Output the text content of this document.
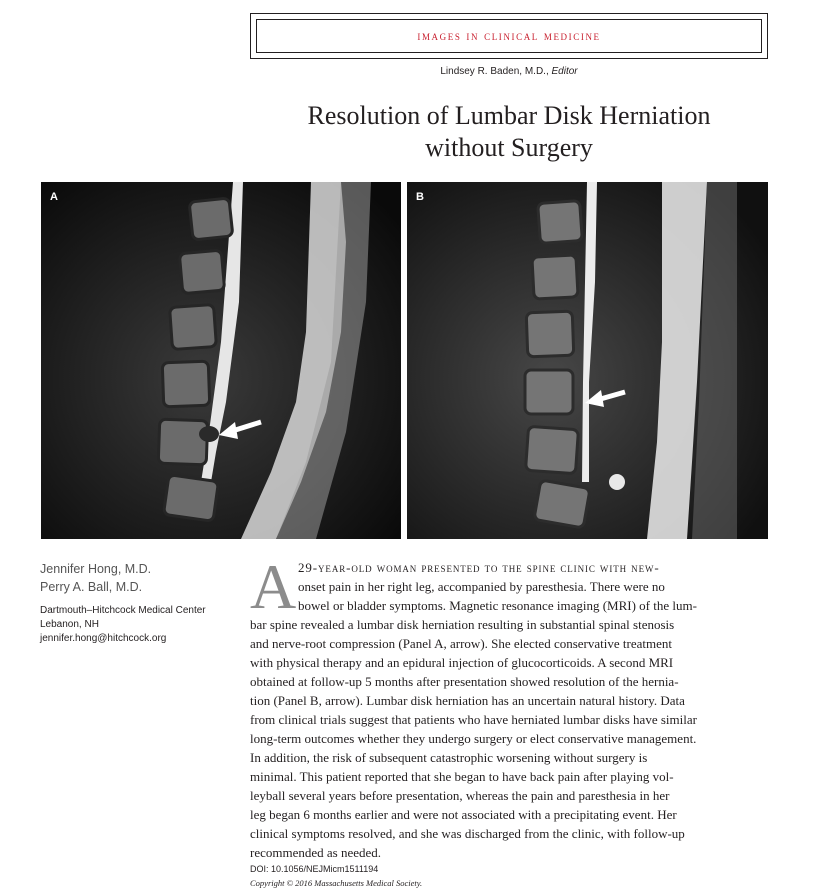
images in clinical medicine
Lindsey R. Baden, M.D., Editor
Resolution of Lumbar Disk Herniation
without Surgery
A	B
Jennifer Hong, M.D.
Perry A. Ball, M.D.
Dartmouth–Hitchcock Medical Center
Lebanon, NH
jennifer.hong@hitchcock.org
A 29-year-old woman presented to the spine clinic with new-
onset pain in her right leg, accompanied by paresthesia. There were no
bowel or bladder symptoms. Magnetic resonance imaging (MRI) of the lum-
bar spine revealed a lumbar disk herniation resulting in substantial spinal stenosis
and nerve-root compression (Panel A, arrow). She elected conservative treatment
with physical therapy and an epidural injection of glucocorticoids. A second MRI
obtained at follow-up 5 months after presentation showed resolution of the hernia-
tion (Panel B, arrow). Lumbar disk herniation has an uncertain natural history. Data
from clinical trials suggest that patients who have herniated lumbar disks have similar
long-term outcomes whether they undergo surgery or elect conservative management.
In addition, the risk of subsequent catastrophic worsening without surgery is
minimal. This patient reported that she began to have back pain after playing vol-
leyball several years before presentation, whereas the pain and paresthesia in her
leg began 6 months earlier and were not associated with a precipitating event. Her
clinical symptoms resolved, and she was discharged from the clinic, with follow-up
recommended as needed.
DOI: 10.1056/NEJMicm1511194
Copyright © 2016 Massachusetts Medical Society.
